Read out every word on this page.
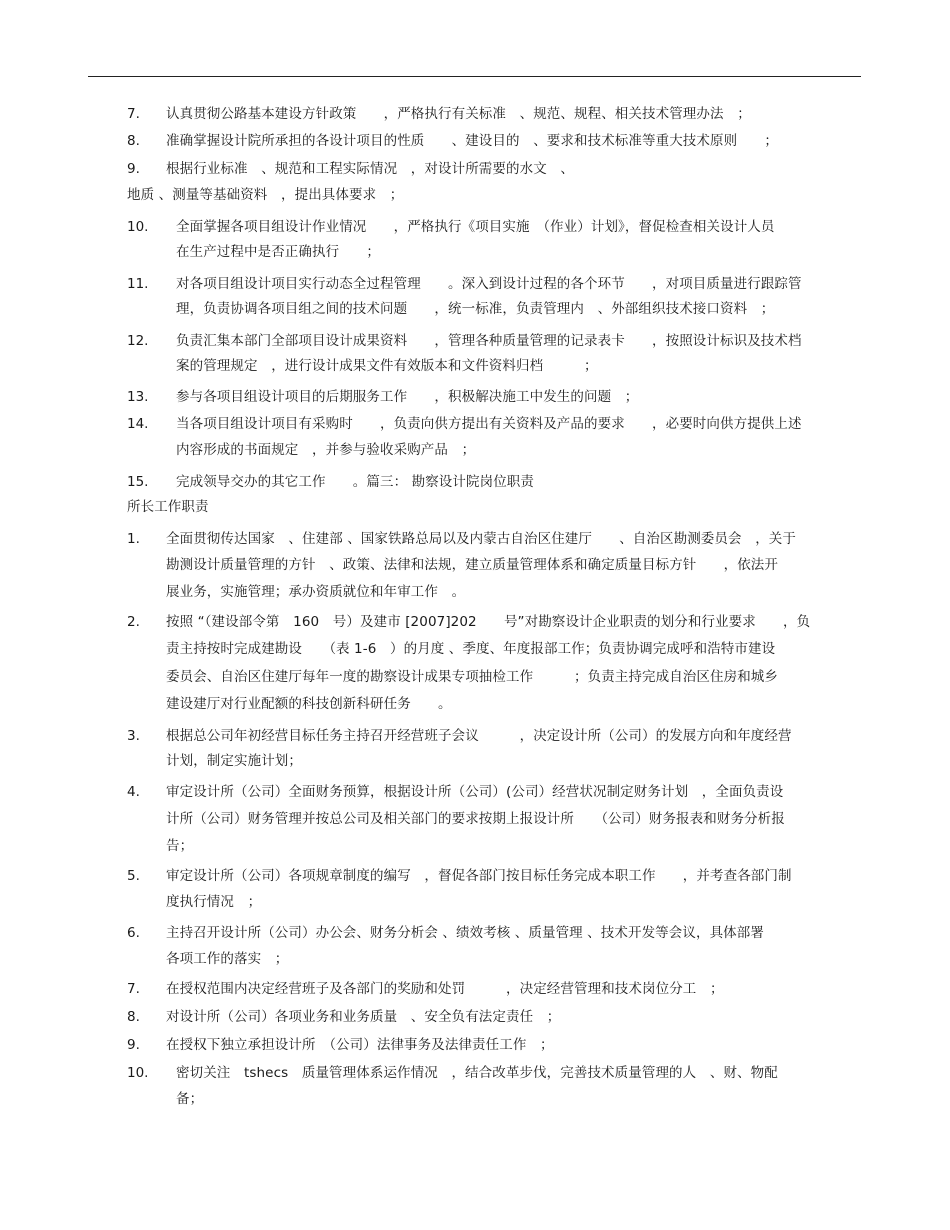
7. 认真贯彻公路基本建设方针政策　　，严格执行有关标准　、规范、规程、相关技术管理办法　；
8. 准确掌握设计院所承担的各设计项目的性质　　、建设目的　、要求和技术标准等重大技术原则　　；
9. 根据行业标准　、规范和工程实际情况　，对设计所需要的水文　、
地质 、测量等基础资料　，提出具体要求　；
10. 全面掌握各项目组设计作业情况　　，严格执行《项目实施　（作业）计划》，督促检查相关设计人员
在生产过程中是否正确执行　　；
11. 对各项目组设计项目实行动态全过程管理　　。深入到设计过程的各个环节　　，对项目质量进行跟踪管
理，负责协调各项目组之间的技术问题　　，统一标准，负责管理内　、外部组织技术接口资料　；
12. 负责汇集本部门全部项目设计成果资料　　，管理各种质量管理的记录表卡　　，按照设计标识及技术档
案的管理规定　，进行设计成果文件有效版本和文件资料归档　　　；
13. 参与各项目组设计项目的后期服务工作　　，积极解决施工中发生的问题　；
14. 当各项目组设计项目有采购时　　，负责向供方提出有关资料及产品的要求　　，必要时向供方提供上述
内容形成的书面规定　，并参与验收采购产品　；
15. 完成领导交办的其它工作　　。篇三： 勘察设计院岗位职责
所长工作职责
1. 全面贯彻传达国家　、住建部 、国家铁路总局以及内蒙古自治区住建厅　　、自治区勘测委员会　，关于
勘测设计质量管理的方针　、政策、法律和法规，建立质量管理体系和确定质量目标方针　　，依法开
展业务，实施管理；承办资质就位和年审工作　。
2. 按照 “（建设部令第　160　号）及建市 [2007]202　　号”对勘察设计企业职责的划分和行业要求　　，负
责主持按时完成建勘设　　（表 1-6　）的月度 、季度、年度报部工作；负责协调完成呼和浩特市建设
委员会、自治区住建厅每年一度的勘察设计成果专项抽检工作　　　；负责主持完成自治区住房和城乡
建设建厅对行业配额的科技创新科研任务　　。
3. 根据总公司年初经营目标任务主持召开经营班子会议　　　，决定设计所（公司）的发展方向和年度经营
计划，制定实施计划；
4. 审定设计所（公司）全面财务预算，根据设计所（公司）(公司）经营状况制定财务计划　，全面负责设
计所（公司）财务管理并按总公司及相关部门的要求按期上报设计所　　（公司）财务报表和财务分析报
告；
5. 审定设计所（公司）各项规章制度的编写　，督促各部门按目标任务完成本职工作　　，并考查各部门制
度执行情况　；
6. 主持召开设计所（公司）办公会、财务分析会 、绩效考核 、质量管理 、技术开发等会议，具体部署
各项工作的落实　；
7. 在授权范围内决定经营班子及各部门的奖励和处罚　　　，决定经营管理和技术岗位分工　；
8. 对设计所（公司）各项业务和业务质量　、安全负有法定责任　；
9. 在授权下独立承担设计所　（公司）法律事务及法律责任工作　；
10. 密切关注　tshecs　质量管理体系运作情况　，结合改革步伐，完善技术质量管理的人　、财、物配
备；
